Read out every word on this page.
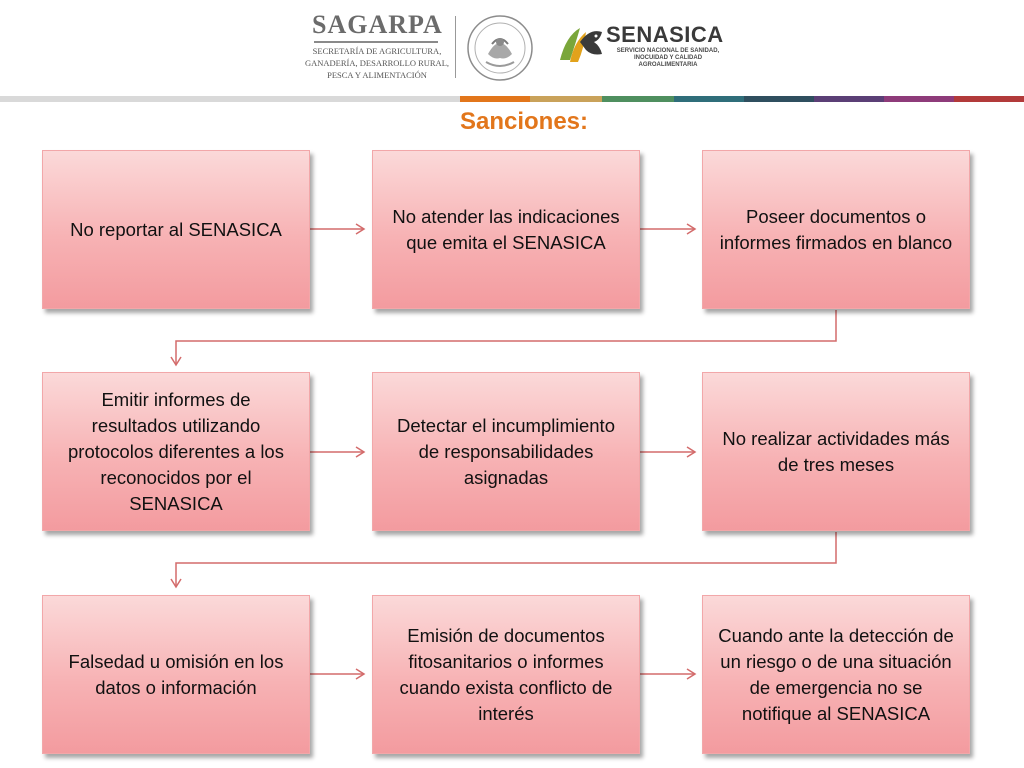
SAGARPA
SECRETARÍA DE AGRICULTURA,
GANADERÍA, DESARROLLO RURAL,
PESCA Y ALIMENTACIÓN
SENASICA
SERVICIO NACIONAL DE SANIDAD,
INOCUIDAD Y CALIDAD
AGROALIMENTARIA
Sanciones:
No reportar al SENASICA
No atender las indicaciones que emita el SENASICA
Poseer documentos o informes firmados en blanco
Emitir informes de resultados utilizando protocolos diferentes a los reconocidos por el SENASICA
Detectar el incumplimiento de responsabilidades asignadas
No realizar actividades más de tres meses
Falsedad u omisión en los datos o información
Emisión de documentos fitosanitarios o informes cuando exista conflicto de interés
Cuando ante la detección de un riesgo o de una situación de emergencia no se notifique al SENASICA
